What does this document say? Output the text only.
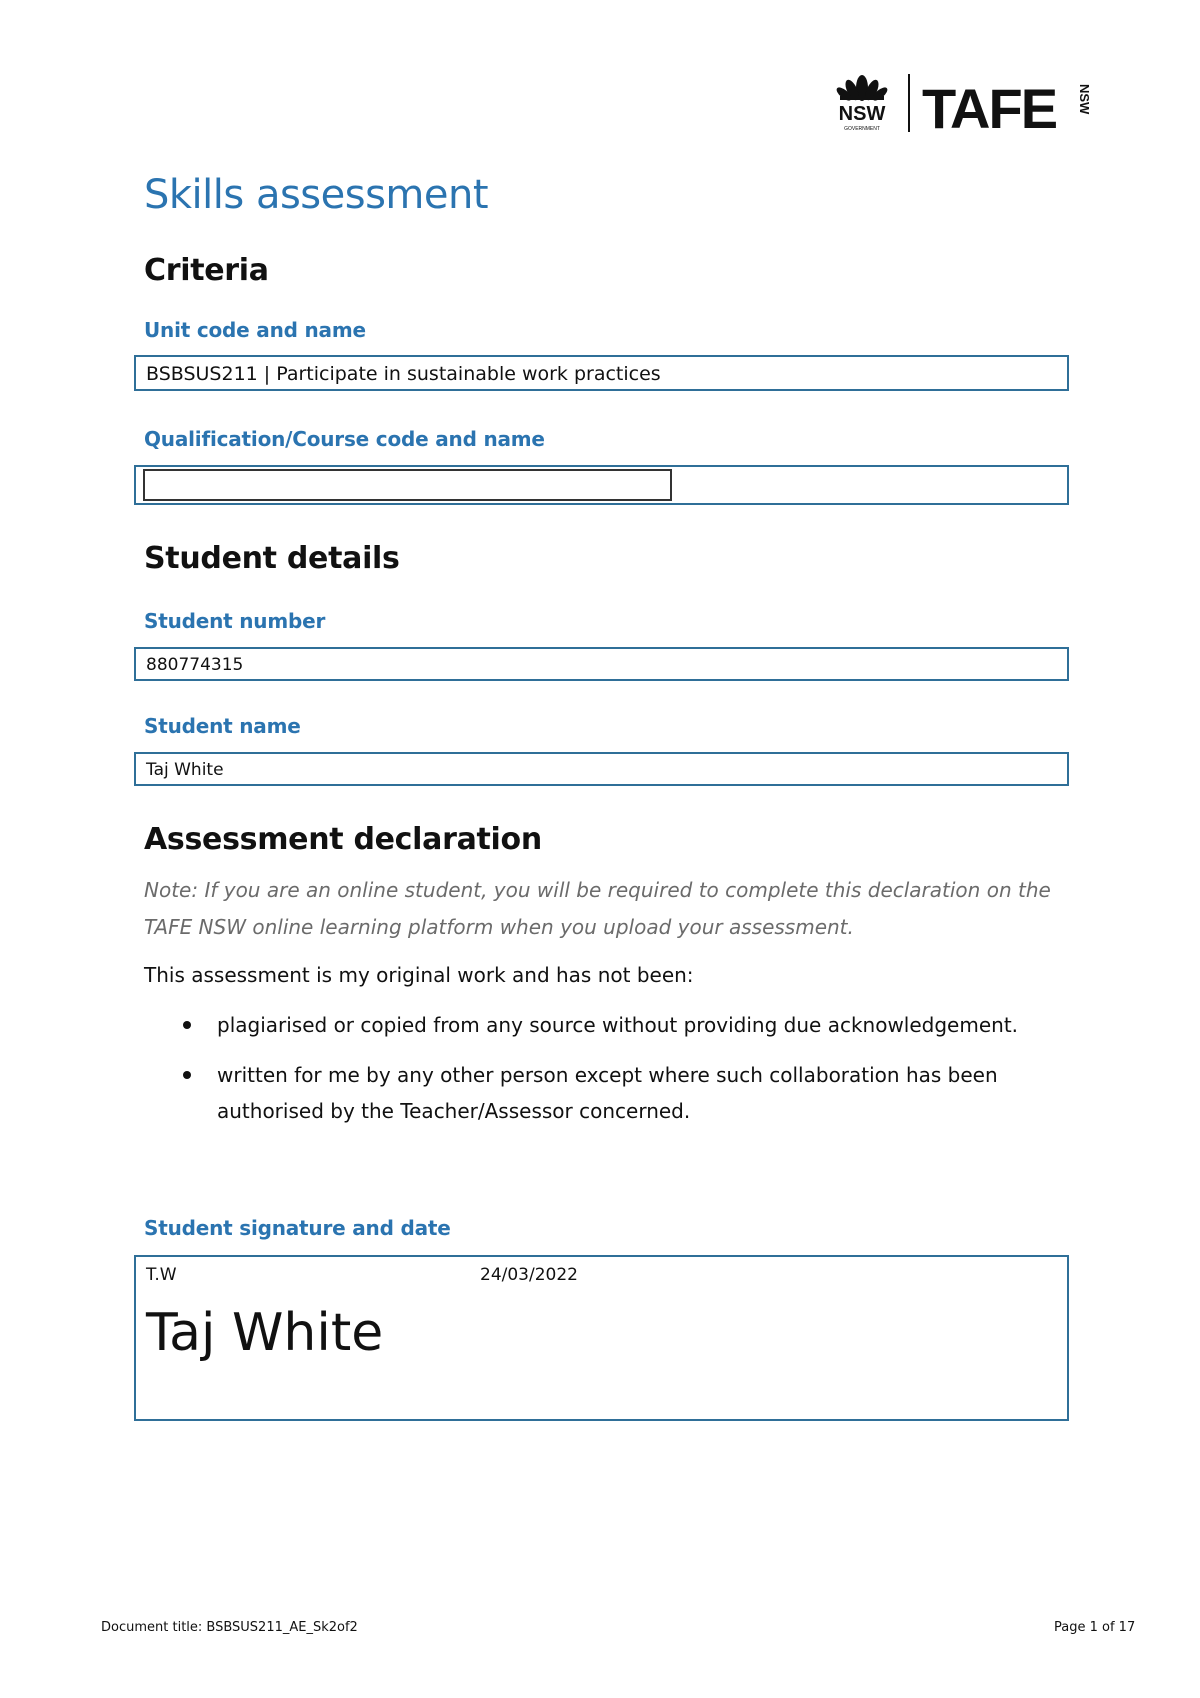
NSW
GOVERNMENT TAFE NSW
Skills assessment
Criteria
Unit code and name
BSBSUS211 | Participate in sustainable work practices
Qualification/Course code and name
Student details
Student number
880774315
Student name
Taj White
Assessment declaration

Note: If you are an online student, you will be required to complete this declaration on the
TAFE NSW online learning platform when you upload your assessment.

This assessment is my original work and has not been:

plagiarised or copied from any source without providing due acknowledgement.

written for me by any other person except where such collaboration has been

authorised by the Teacher/Assessor concerned.

Student signature and date
T.W	24/03/2022
Taj White
Document title: BSBSUS211_AE_Sk2of2	Page 1 of 17
